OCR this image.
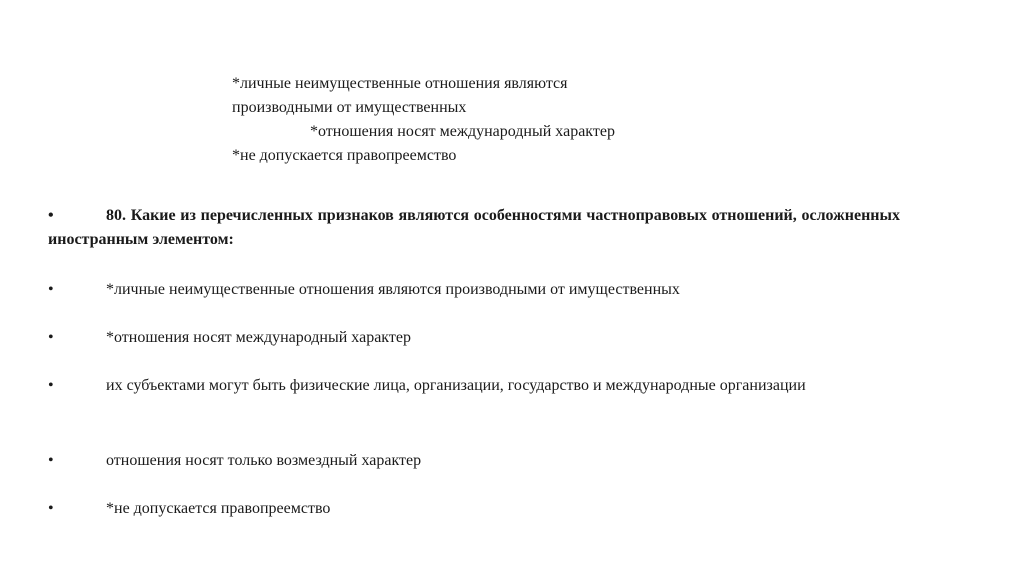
*личные неимущественные отношения являются
производными от имущественных
*отношения носят международный характер
*не допускается правопреемство
•	80. Какие из перечисленных признаков являются особенностями частноправовых отношений, осложненных иностранным элементом:
•	*личные неимущественные отношения являются производными от имущественных
•	*отношения носят международный характер
•	их субъектами могут быть физические лица, организации, государство и международные организации
•	отношения носят только возмездный характер
•	*не допускается правопреемство
